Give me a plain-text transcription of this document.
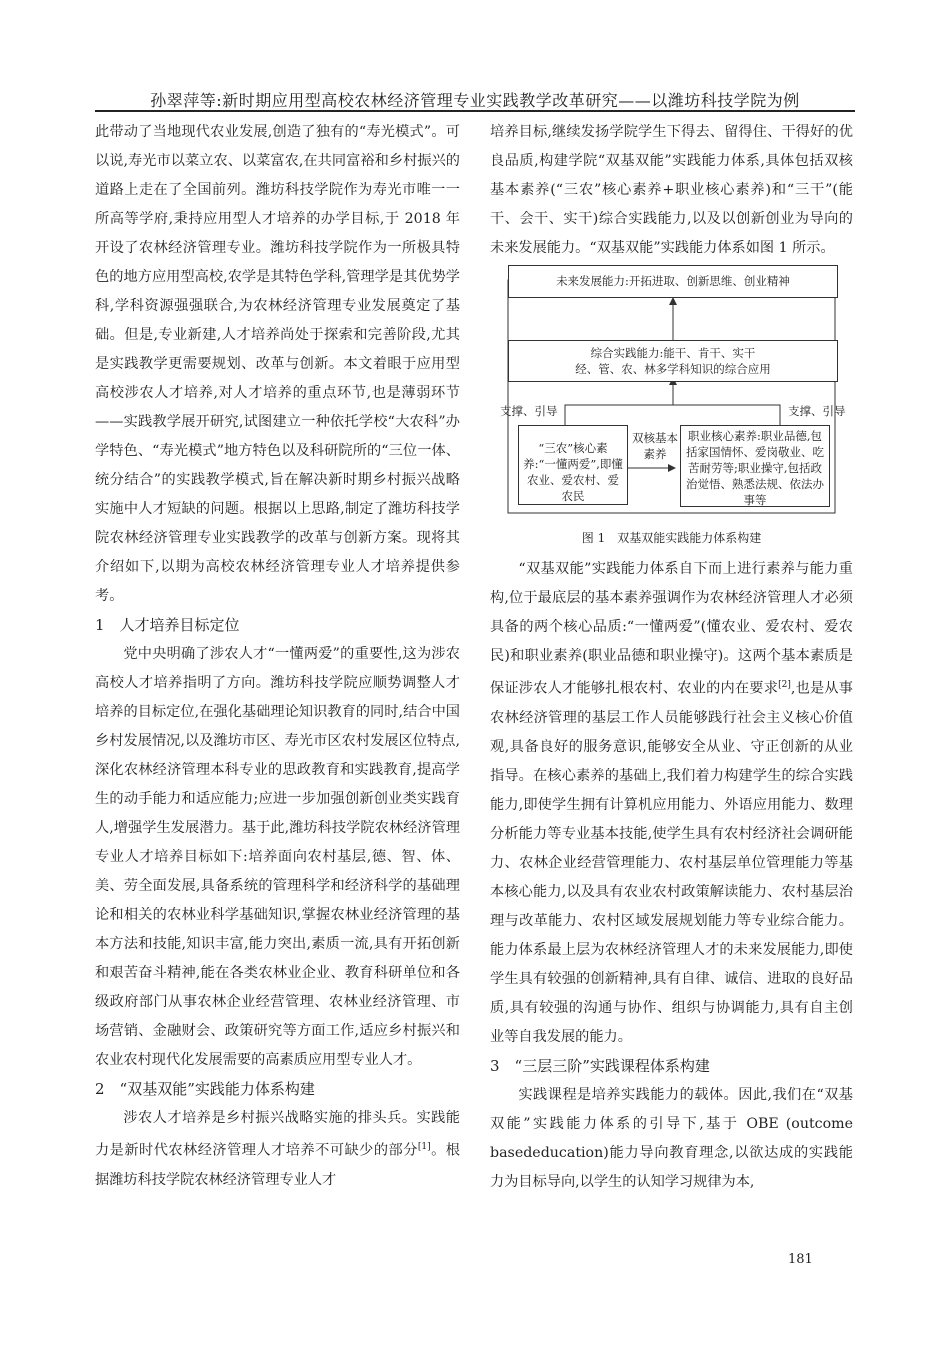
孙翠萍等:新时期应用型高校农林经济管理专业实践教学改革研究——以潍坊科技学院为例

此带动了当地现代农业发展,创造了独有的“寿光模式”。可以说,寿光市以菜立农、以菜富农,在共同富裕和乡村振兴的道路上走在了全国前列。潍坊科技学院作为寿光市唯一一所高等学府,秉持应用型人才培养的办学目标,于 2018 年开设了农林经济管理专业。潍坊科技学院作为一所极具特色的地方应用型高校,农学是其特色学科,管理学是其优势学科,学科资源强强联合,为农林经济管理专业发展奠定了基础。但是,专业新建,人才培养尚处于探索和完善阶段,尤其是实践教学更需要规划、改革与创新。本文着眼于应用型高校涉农人才培养,对人才培养的重点环节,也是薄弱环节——实践教学展开研究,试图建立一种依托学校“大农科”办学特色、“寿光模式”地方特色以及科研院所的“三位一体、统分结合”的实践教学模式,旨在解决新时期乡村振兴战略实施中人才短缺的问题。根据以上思路,制定了潍坊科技学院农林经济管理专业实践教学的改革与创新方案。现将其介绍如下,以期为高校农林经济管理专业人才培养提供参考。

1　人才培养目标定位

党中央明确了涉农人才“一懂两爱”的重要性,这为涉农高校人才培养指明了方向。潍坊科技学院应顺势调整人才培养的目标定位,在强化基础理论知识教育的同时,结合中国乡村发展情况,以及潍坊市区、寿光市区农村发展区位特点,深化农林经济管理本科专业的思政教育和实践教育,提高学生的动手能力和适应能力;应进一步加强创新创业类实践育人,增强学生发展潜力。基于此,潍坊科技学院农林经济管理专业人才培养目标如下:培养面向农村基层,德、智、体、美、劳全面发展,具备系统的管理科学和经济科学的基础理论和相关的农林业科学基础知识,掌握农林业经济管理的基本方法和技能,知识丰富,能力突出,素质一流,具有开拓创新和艰苦奋斗精神,能在各类农林业企业、教育科研单位和各级政府部门从事农林企业经营管理、农林业经济管理、市场营销、金融财会、政策研究等方面工作,适应乡村振兴和农业农村现代化发展需要的高素质应用型专业人才。

2　“双基双能”实践能力体系构建

涉农人才培养是乡村振兴战略实施的排头兵。实践能力是新时代农林经济管理人才培养不可缺少的部分[1]。根据潍坊科技学院农林经济管理专业人才

培养目标,继续发扬学院学生下得去、留得住、干得好的优良品质,构建学院“双基双能”实践能力体系,具体包括双核基本素养(“三农”核心素养+职业核心素养)和“三干”(能干、会干、实干)综合实践能力,以及以创新创业为导向的未来发展能力。“双基双能”实践能力体系如图 1 所示。

未来发展能力:开拓进取、创新思维、创业精神
综合实践能力:能干、肯干、实干
经、管、农、林多学科知识的综合应用
支撑、引导	支撑、引导
“三农”核心素养:“一懂两爱”,即懂农业、爱农村、爱农民
双核基本素养
职业核心素养:职业品德,包括家国情怀、爱岗敬业、吃苦耐劳等;职业操守,包括政治觉悟、熟悉法规、依法办事等
图 1　双基双能实践能力体系构建

“双基双能”实践能力体系自下而上进行素养与能力重构,位于最底层的基本素养强调作为农林经济管理人才必须具备的两个核心品质:“一懂两爱”(懂农业、爱农村、爱农民)和职业素养(职业品德和职业操守)。这两个基本素质是保证涉农人才能够扎根农村、农业的内在要求[2],也是从事农林经济管理的基层工作人员能够践行社会主义核心价值观,具备良好的服务意识,能够安全从业、守正创新的从业指导。在核心素养的基础上,我们着力构建学生的综合实践能力,即使学生拥有计算机应用能力、外语应用能力、数理分析能力等专业基本技能,使学生具有农村经济社会调研能力、农林企业经营管理能力、农村基层单位管理能力等基本核心能力,以及具有农业农村政策解读能力、农村基层治理与改革能力、农村区域发展规划能力等专业综合能力。能力体系最上层为农林经济管理人才的未来发展能力,即使学生具有较强的创新精神,具有自律、诚信、进取的良好品质,具有较强的沟通与协作、组织与协调能力,具有自主创业等自我发展的能力。

3　“三层三阶”实践课程体系构建

实践课程是培养实践能力的载体。因此,我们在“双基双能”实践能力体系的引导下,基于 OBE (outcome basededucation)能力导向教育理念,以欲达成的实践能力为目标导向,以学生的认知学习规律为本,

181
